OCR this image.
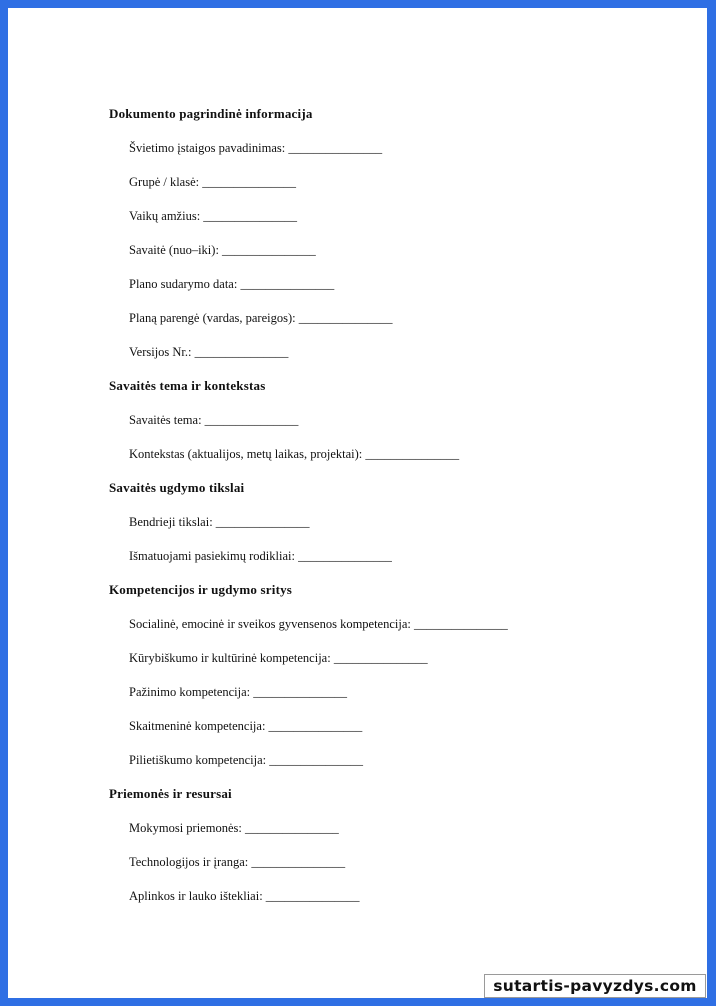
Dokumento pagrindinė informacija
Švietimo įstaigos pavadinimas: _______________
Grupė / klasė: _______________
Vaikų amžius: _______________
Savaitė (nuo–iki): _______________
Plano sudarymo data: _______________
Planą parengė (vardas, pareigos): _______________
Versijos Nr.: _______________
Savaitės tema ir kontekstas
Savaitės tema: _______________
Kontekstas (aktualijos, metų laikas, projektai): _______________
Savaitės ugdymo tikslai
Bendrieji tikslai: _______________
Išmatuojami pasiekimų rodikliai: _______________
Kompetencijos ir ugdymo sritys
Socialinė, emocinė ir sveikos gyvensenos kompetencija: _______________
Kūrybiškumo ir kultūrinė kompetencija: _______________
Pažinimo kompetencija: _______________
Skaitmeninė kompetencija: _______________
Pilietiškumo kompetencija: _______________
Priemonės ir resursai
Mokymosi priemonės: _______________
Technologijos ir įranga: _______________
Aplinkos ir lauko ištekliai: _______________
sutartis-pavyzdys.com
